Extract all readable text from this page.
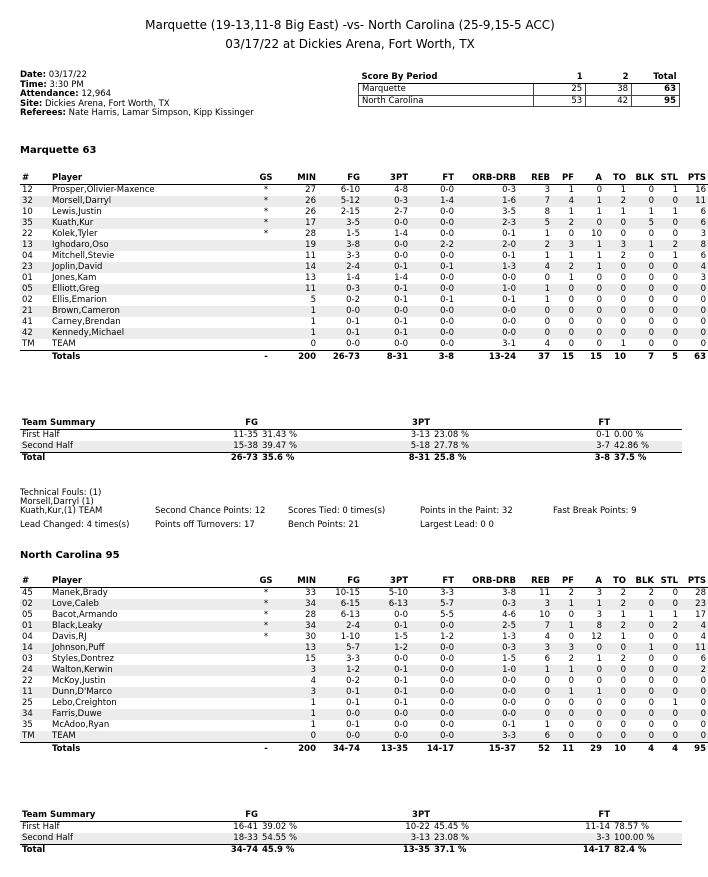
Marquette (19-13,11-8 Big East) -vs- North Carolina (25-9,15-5 ACC)
03/17/22 at Dickies Arena, Fort Worth, TX
Date: 03/17/22
Time: 3:30 PM
Attendance: 12,964
Site: Dickies Arena, Fort Worth, TX
Referees: Nate Harris, Lamar Simpson, Kipp Kissinger
Score By Period	1	2	Total
Marquette	25	38	63
North Carolina	53	42	95
Marquette 63
#	Player	GS	MIN	FG	3PT	FT	ORB-DRB	REB	PF	A	TO	BLK	STL	PTS
12	Prosper,Olivier-Maxence	*	27	6-10	4-8	0-0	0-3	3	1	0	1	0	1	16
32	Morsell,Darryl	*	26	5-12	0-3	1-4	1-6	7	4	1	2	0	0	11
10	Lewis,Justin	*	26	2-15	2-7	0-0	3-5	8	1	1	1	1	1	6
35	Kuath,Kur	*	17	3-5	0-0	0-0	2-3	5	2	0	0	5	0	6
22	Kolek,Tyler	*	28	1-5	1-4	0-0	0-1	1	0	10	0	0	0	3
13	Ighodaro,Oso		19	3-8	0-0	2-2	2-0	2	3	1	3	1	2	8
04	Mitchell,Stevie		11	3-3	0-0	0-0	0-1	1	1	1	2	0	1	6
23	Joplin,David		14	2-4	0-1	0-1	1-3	4	2	1	0	0	0	4
01	Jones,Kam		13	1-4	1-4	0-0	0-0	0	1	0	0	0	0	3
05	Elliott,Greg		11	0-3	0-1	0-0	1-0	1	0	0	0	0	0	0
02	Ellis,Emarion		5	0-2	0-1	0-1	0-1	1	0	0	0	0	0	0
21	Brown,Cameron		1	0-0	0-0	0-0	0-0	0	0	0	0	0	0	0
41	Carney,Brendan		1	0-1	0-1	0-0	0-0	0	0	0	0	0	0	0
42	Kennedy,Michael		1	0-1	0-1	0-0	0-0	0	0	0	0	0	0	0
TM	TEAM		0	0-0	0-0	0-0	3-1	4	0	0	1	0	0	0
	Totals	-	200	26-73	8-31	3-8	13-24	37	15	15	10	7	5	63
Team Summary	FG		3PT		FT	
First Half	11-35	31.43 %	3-13	23.08 %	0-1	0.00 %
Second Half	15-38	39.47 %	5-18	27.78 %	3-7	42.86 %
Total	26-73	35.6 %	8-31	25.8 %	3-8	37.5 %
Technical Fouls: (1)
Morsell,Darryl (1)
Kuath,Kur,(1) TEAM	Second Chance Points: 12	Scores Tied: 0 times(s)	Points in the Paint: 32	Fast Break Points: 9
Lead Changed: 4 times(s)	Points off Turnovers: 17	Bench Points: 21	Largest Lead: 0 0
North Carolina 95
#	Player	GS	MIN	FG	3PT	FT	ORB-DRB	REB	PF	A	TO	BLK	STL	PTS
45	Manek,Brady	*	33	10-15	5-10	3-3	3-8	11	2	3	2	2	0	28
02	Love,Caleb	*	34	6-15	6-13	5-7	0-3	3	1	1	2	0	0	23
05	Bacot,Armando	*	28	6-13	0-0	5-5	4-6	10	0	3	1	1	1	17
01	Black,Leaky	*	34	2-4	0-1	0-0	2-5	7	1	8	2	0	2	4
04	Davis,RJ	*	30	1-10	1-5	1-2	1-3	4	0	12	1	0	0	4
14	Johnson,Puff		13	5-7	1-2	0-0	0-3	3	3	0	0	1	0	11
03	Styles,Dontrez		15	3-3	0-0	0-0	1-5	6	2	1	2	0	0	6
24	Walton,Kerwin		3	1-2	0-1	0-0	1-0	1	1	0	0	0	0	2
22	McKoy,Justin		4	0-2	0-1	0-0	0-0	0	0	0	0	0	0	0
11	Dunn,D'Marco		3	0-1	0-1	0-0	0-0	0	1	1	0	0	0	0
25	Lebo,Creighton		1	0-1	0-1	0-0	0-0	0	0	0	0	0	1	0
34	Farris,Duwe		1	0-0	0-0	0-0	0-0	0	0	0	0	0	0	0
35	McAdoo,Ryan		1	0-1	0-0	0-0	0-1	1	0	0	0	0	0	0
TM	TEAM		0	0-0	0-0	0-0	3-3	6	0	0	0	0	0	0
	Totals	-	200	34-74	13-35	14-17	15-37	52	11	29	10	4	4	95
Team Summary	FG		3PT		FT	
First Half	16-41	39.02 %	10-22	45.45 %	11-14	78.57 %
Second Half	18-33	54.55 %	3-13	23.08 %	3-3	100.00 %
Total	34-74	45.9 %	13-35	37.1 %	14-17	82.4 %
